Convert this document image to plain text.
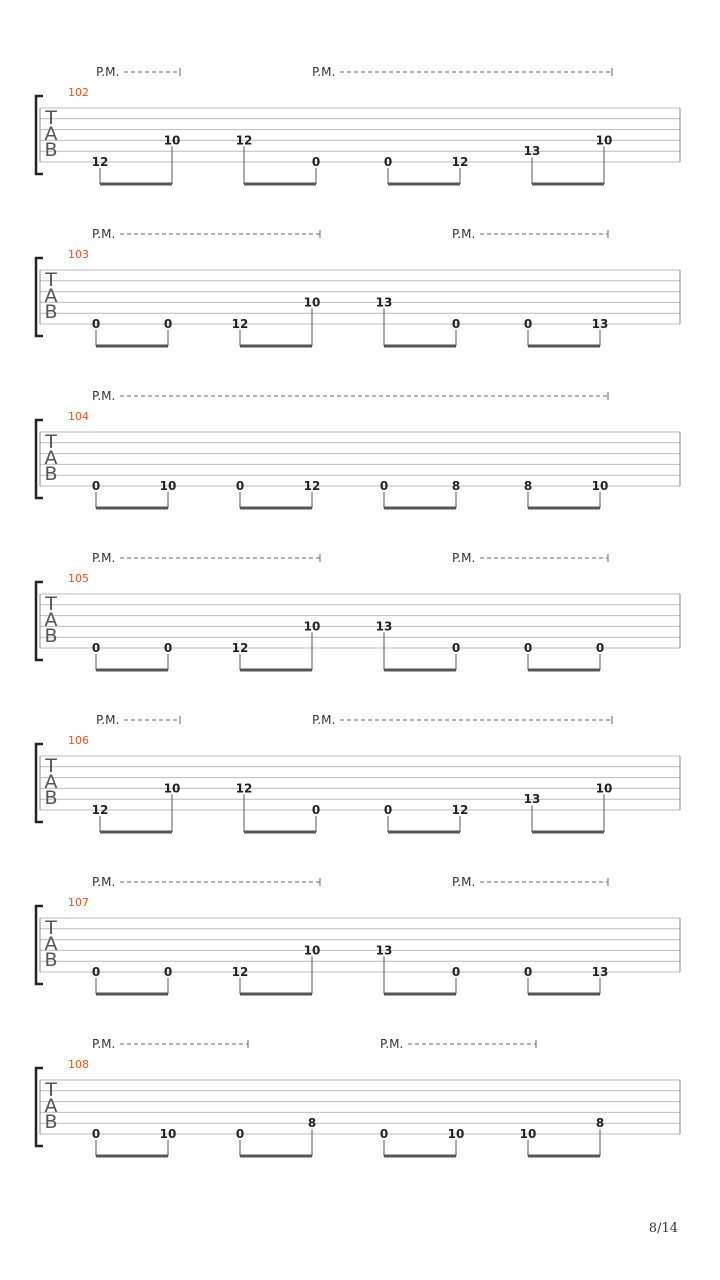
T
A
B
102
P.M.	P.M.
12
10	12
0	0	12
13
10
T
A
B
103
P.M.	P.M.
0	0	12
10	13
0	0	13
T
A
B
104
P.M.
0	10	0	12	0	8	8	10
T
A
B
105
P.M.	P.M.
0	0	12
10	13
0	0	0
T
A
B
106
P.M.	P.M.
12
10	12
0	0	12
13
10
T
A
B
107
P.M.	P.M.
0	0	12
10	13
0	0	13
T
A
B
108
P.M.	P.M.
0	10	0
8
0	10	10
8
8/14
